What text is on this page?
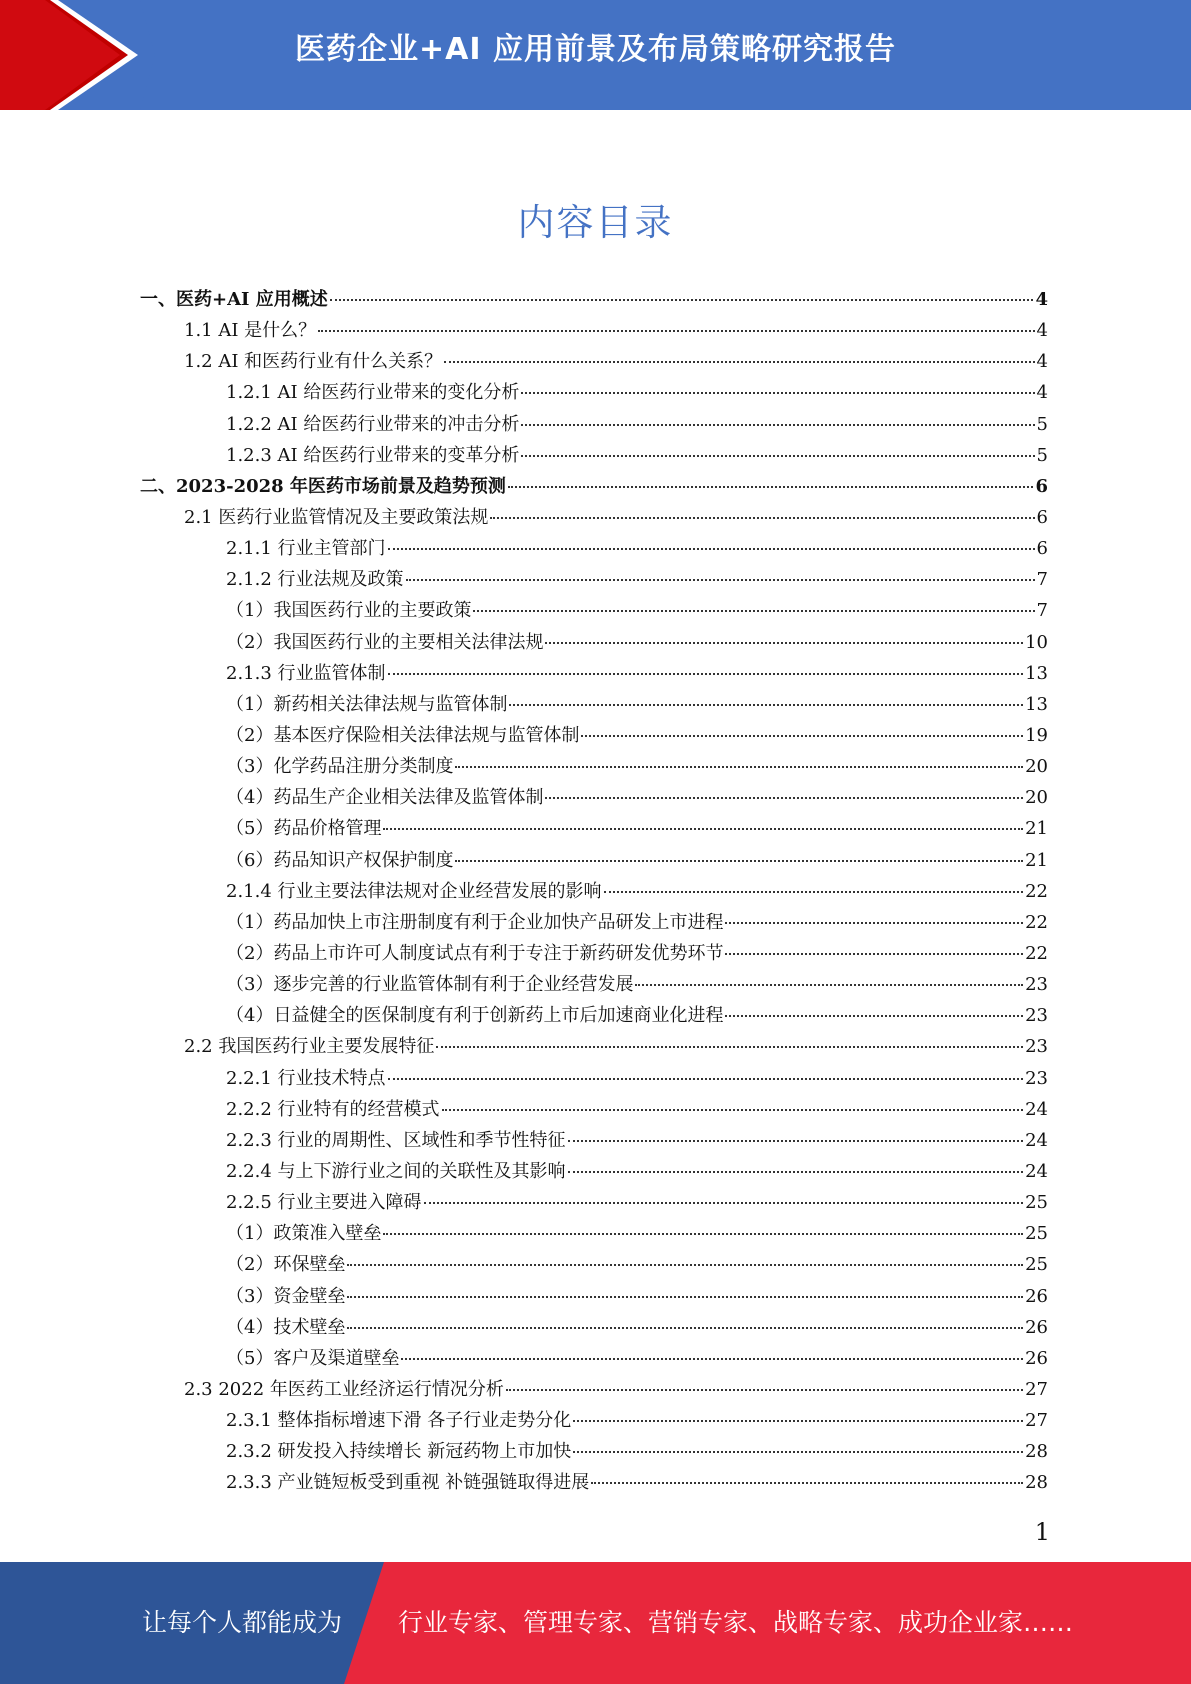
医药企业+AI 应用前景及布局策略研究报告
内容目录
一、医药+AI 应用概述	4
1.1 AI 是什么？	4
1.2 AI 和医药行业有什么关系？	4
1.2.1 AI 给医药行业带来的变化分析	4
1.2.2 AI 给医药行业带来的冲击分析	5
1.2.3 AI 给医药行业带来的变革分析	5
二、2023-2028 年医药市场前景及趋势预测	6
2.1 医药行业监管情况及主要政策法规	6
2.1.1 行业主管部门	6
2.1.2 行业法规及政策	7
（1）我国医药行业的主要政策	7
（2）我国医药行业的主要相关法律法规	10
2.1.3 行业监管体制	13
（1）新药相关法律法规与监管体制	13
（2）基本医疗保险相关法律法规与监管体制	19
（3）化学药品注册分类制度	20
（4）药品生产企业相关法律及监管体制	20
（5）药品价格管理	21
（6）药品知识产权保护制度	21
2.1.4 行业主要法律法规对企业经营发展的影响	22
（1）药品加快上市注册制度有利于企业加快产品研发上市进程	22
（2）药品上市许可人制度试点有利于专注于新药研发优势环节	22
（3）逐步完善的行业监管体制有利于企业经营发展	23
（4）日益健全的医保制度有利于创新药上市后加速商业化进程	23
2.2 我国医药行业主要发展特征	23
2.2.1 行业技术特点	23
2.2.2 行业特有的经营模式	24
2.2.3 行业的周期性、区域性和季节性特征	24
2.2.4 与上下游行业之间的关联性及其影响	24
2.2.5 行业主要进入障碍	25
（1）政策准入壁垒	25
（2）环保壁垒	25
（3）资金壁垒	26
（4）技术壁垒	26
（5）客户及渠道壁垒	26
2.3 2022 年医药工业经济运行情况分析	27
2.3.1 整体指标增速下滑 各子行业走势分化	27
2.3.2 研发投入持续增长 新冠药物上市加快	28
2.3.3 产业链短板受到重视 补链强链取得进展	28
1
让每个人都能成为 行业专家、管理专家、营销专家、战略专家、成功企业家……
